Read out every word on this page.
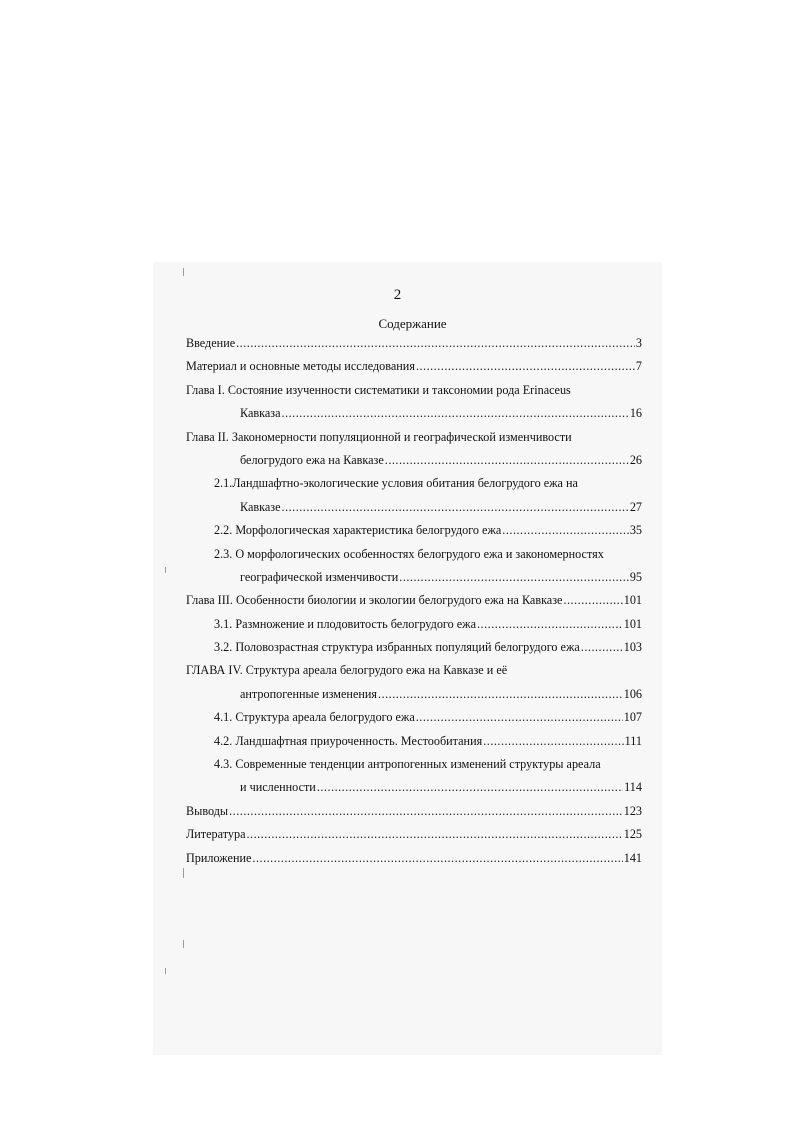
2
Содержание
Введение .....	3
Материал и основные методы исследования .....	7
Глава I. Состояние изученности систематики и таксономии рода Erinaceus
Кавказа .....	16
Глава II. Закономерности популяционной и географической изменчивости
белогрудого ежа на Кавказе .....	26
2.1.Ландшафтно-экологические условия обитания белогрудого ежа на
Кавказе .....	27
2.2. Морфологическая характеристика белогрудого ежа .....	35
2.3. О морфологических особенностях белогрудого ежа и закономерностях
географической изменчивости .....	95
Глава III. Особенности биологии и экологии белогрудого ежа на Кавказе .....	101
3.1. Размножение и плодовитость белогрудого ежа .....	101
3.2. Половозрастная структура избранных популяций белогрудого ежа .....	103
ГЛАВА IV. Структура ареала белогрудого ежа на Кавказе и её
антропогенные изменения .....	106
4.1. Структура ареала белогрудого ежа .....	107
4.2. Ландшафтная приуроченность. Местообитания .....	111
4.3. Современные тенденции антропогенных изменений структуры ареала
и численности .....	114
Выводы .....	123
Литература .....	125
Приложение .....	141
